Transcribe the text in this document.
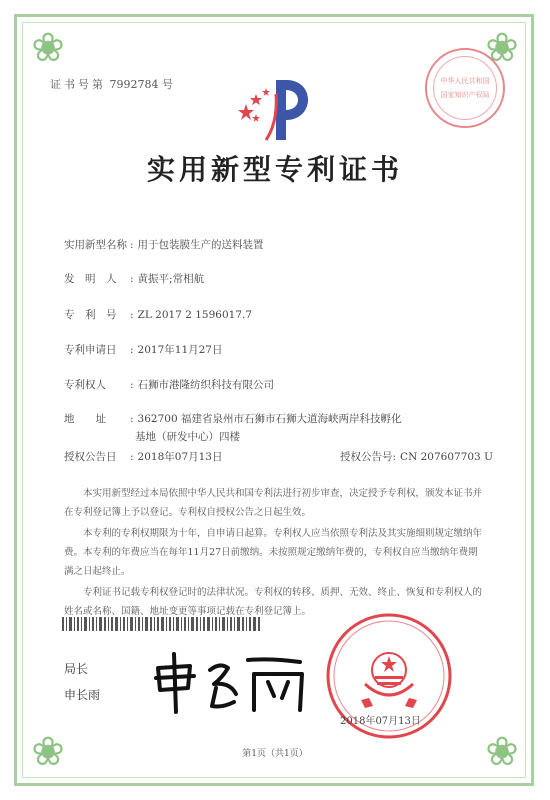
❀	❀
❀	❀
证书号第 7992784 号	中华人民共和国
国家知识产权局
实用新型专利证书
实用新型名称 : 用于包装膜生产的送料装置
发　明　人 : 黄振平;常相航
专　利　号 : ZL 2017 2 1596017.7
专利申请日 : 2017年11月27日
专利权人 : 石狮市港隆纺织科技有限公司
地　　址 : 362700 福建省泉州市石狮市石狮大道海峡两岸科技孵化
基地（研发中心）四楼
授权公告日 : 2018年07月13日	授权公告号: CN 207607703 U
本实用新型经过本局依照中华人民共和国专利法进行初步审查，决定授予专利权，颁发本证书并在专利登记簿上予以登记。专利权自授权公告之日起生效。
本专利的专利权期限为十年，自申请日起算。专利权人应当依照专利法及其实施细则规定缴纳年费。本专利的年费应当在每年11月27日前缴纳。未按照规定缴纳年费的，专利权自应当缴纳年费期满之日起终止。
专利证书记载专利权登记时的法律状况。专利权的转移、质押、无效、终止、恢复和专利权人的姓名或名称、国籍、地址变更等事项记载在专利登记簿上。
局长
申长雨
2018年07月13日
第1页（共1页）
